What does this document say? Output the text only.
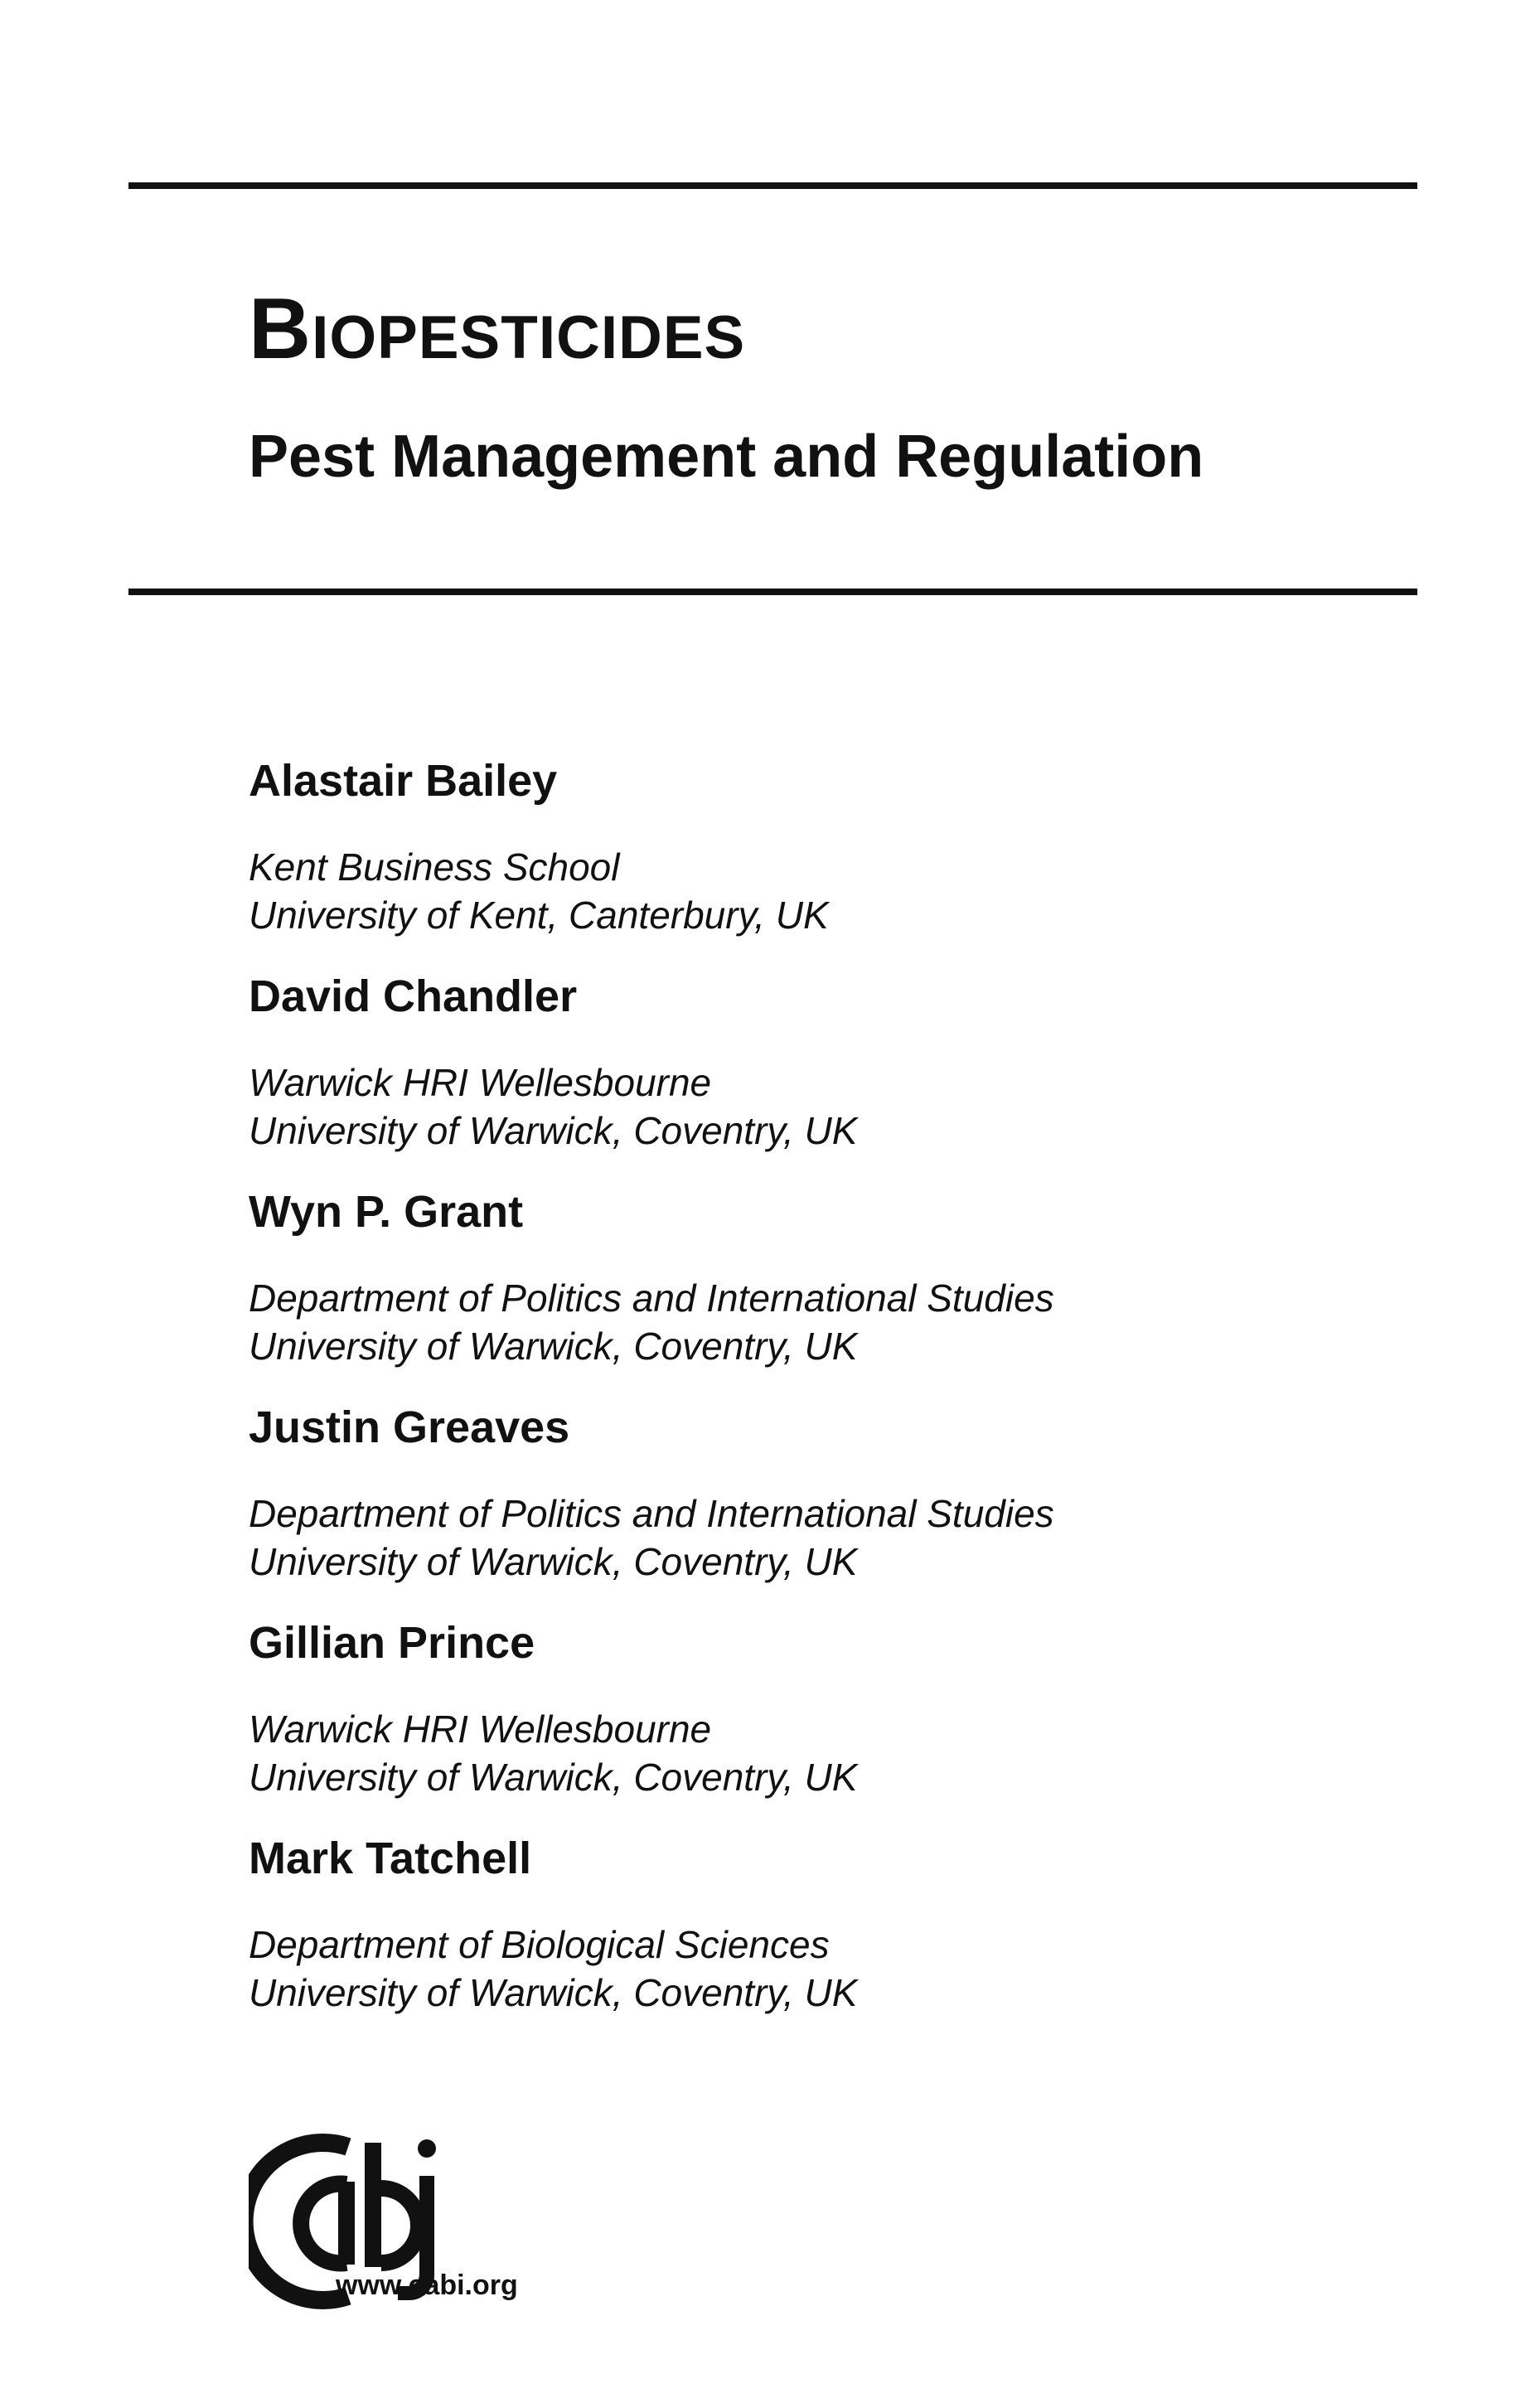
Biopesticides
Pest Management and Regulation
Alastair Bailey
Kent Business School
University of Kent, Canterbury, UK
David Chandler
Warwick HRI Wellesbourne
University of Warwick, Coventry, UK
Wyn P. Grant
Department of Politics and International Studies
University of Warwick, Coventry, UK
Justin Greaves
Department of Politics and International Studies
University of Warwick, Coventry, UK
Gillian Prince
Warwick HRI Wellesbourne
University of Warwick, Coventry, UK
Mark Tatchell
Department of Biological Sciences
University of Warwick, Coventry, UK
www.cabi.org
